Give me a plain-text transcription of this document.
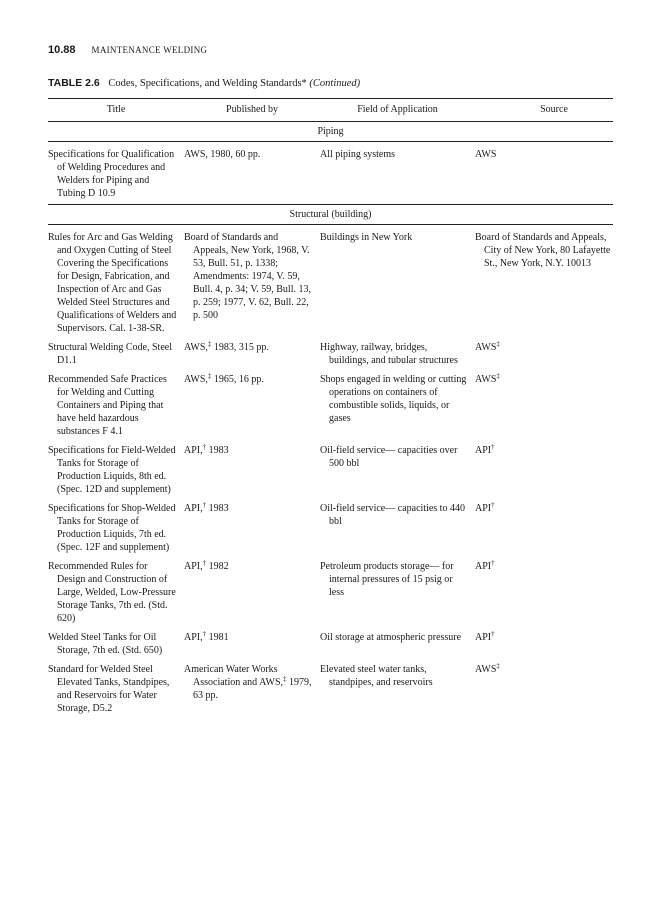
10.88 MAINTENANCE WELDING
TABLE 2.6 Codes, Specifications, and Welding Standards* (Continued)
Title	Published by	Field of Application	Source
Piping			

Specifications for Qualification of Welding Procedures and Welders for Piping and Tubing D 10.9	AWS, 1980, 60 pp.	All piping systems	AWS

Structural (building)			

Rules for Arc and Gas Welding and Oxygen Cutting of Steel Covering the Specifications for Design, Fabrication, and Inspection of Arc and Gas Welded Steel Structures and Qualifications of Welders and Supervisors. Cal. 1-38-SR.	Board of Standards and Appeals, New York, 1968, V. 53, Bull. 51, p. 1338; Amendments: 1974, V. 59, Bull. 4, p. 34; V. 59, Bull. 13, p. 259; 1977, V. 62, Bull. 22, p. 500	Buildings in New York	Board of Standards and Appeals, City of New York, 80 Lafayette St., New York, N.Y. 10013

Structural Welding Code, Steel D1.1	AWS,‡ 1983, 315 pp.	Highway, railway, bridges, buildings, and tubular structures	AWS‡

Recommended Safe Practices for Welding and Cutting Containers and Piping that have held hazardous substances F 4.1	AWS,‡ 1965, 16 pp.	Shops engaged in welding or cutting operations on containers of combustible solids, liquids, or gases	AWS‡

Specifications for Field-Welded Tanks for Storage of Production Liquids, 8th ed. (Spec. 12D and supplement)	API,† 1983	Oil-field service— capacities over 500 bbl	API†

Specifications for Shop-Welded Tanks for Storage of Production Liquids, 7th ed. (Spec. 12F and supplement)	API,† 1983	Oil-field service— capacities to 440 bbl	API†

Recommended Rules for Design and Construction of Large, Welded, Low-Pressure Storage Tanks, 7th ed. (Std. 620)	API,† 1982	Petroleum products storage— for internal pressures of 15 psig or less	API†

Welded Steel Tanks for Oil Storage, 7th ed. (Std. 650)	API,† 1981	Oil storage at atmospheric pressure	API†

Standard for Welded Steel Elevated Tanks, Standpipes, and Reservoirs for Water Storage, D5.2	American Water Works Association and AWS,‡ 1979, 63 pp.	Elevated steel water tanks, standpipes, and reservoirs	AWS‡
